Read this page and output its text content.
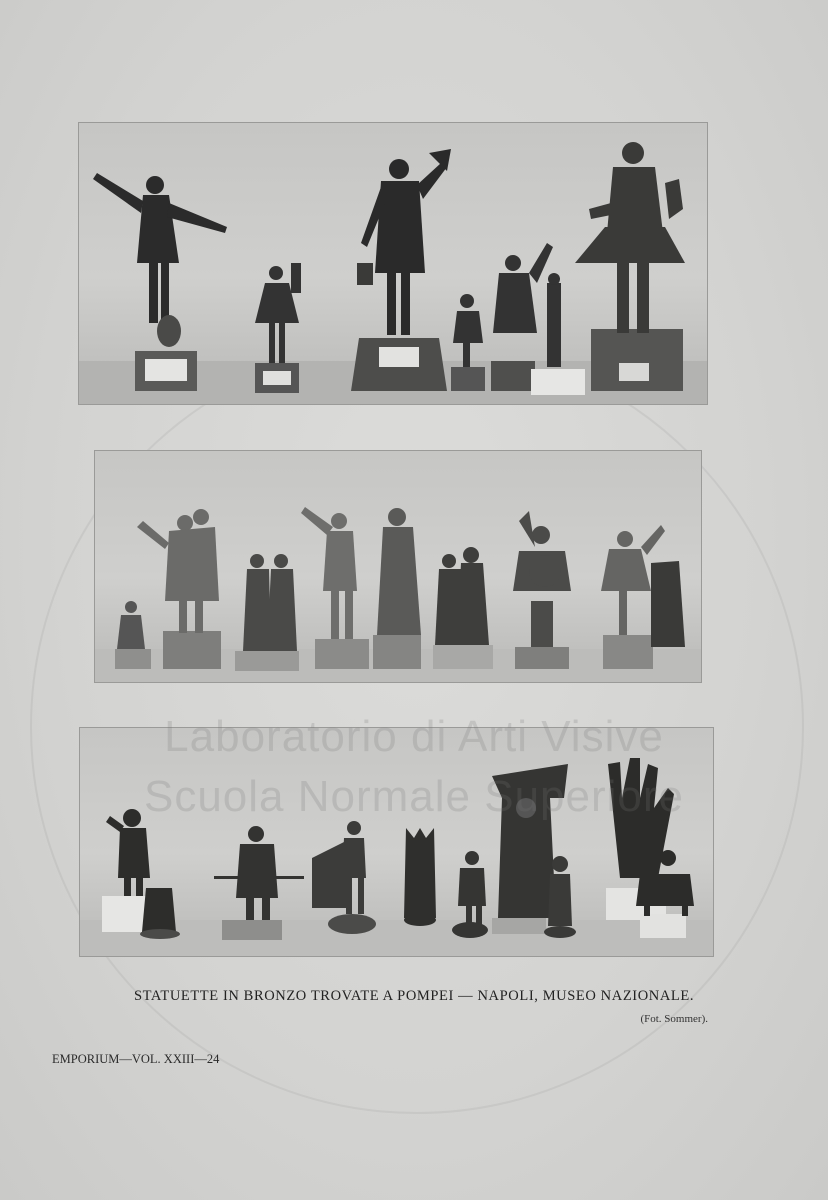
Laboratorio di Arti Visive
Scuola Normale Superiore
STATUETTE IN BRONZO TROVATE A POMPEI — NAPOLI, MUSEO NAZIONALE.
(Fot. Sommer).
EMPORIUM—VOL. XXIII—24
